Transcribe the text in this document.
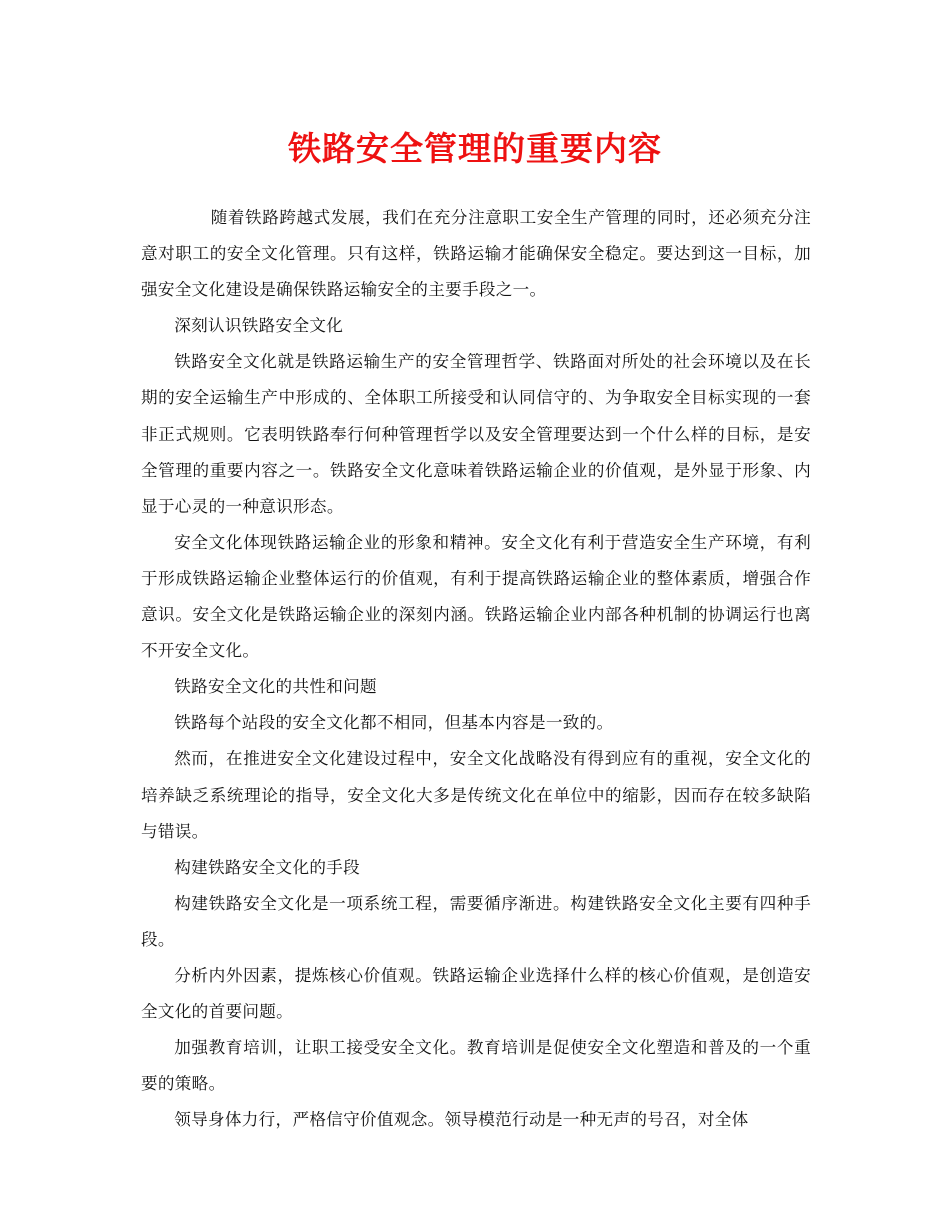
铁路安全管理的重要内容

随着铁路跨越式发展，我们在充分注意职工安全生产管理的同时，还必须充分注意对职工的安全文化管理。只有这样，铁路运输才能确保安全稳定。要达到这一目标，加强安全文化建设是确保铁路运输安全的主要手段之一。

深刻认识铁路安全文化

铁路安全文化就是铁路运输生产的安全管理哲学、铁路面对所处的社会环境以及在长期的安全运输生产中形成的、全体职工所接受和认同信守的、为争取安全目标实现的一套非正式规则。它表明铁路奉行何种管理哲学以及安全管理要达到一个什么样的目标，是安全管理的重要内容之一。铁路安全文化意味着铁路运输企业的价值观，是外显于形象、内显于心灵的一种意识形态。

安全文化体现铁路运输企业的形象和精神。安全文化有利于营造安全生产环境，有利于形成铁路运输企业整体运行的价值观，有利于提高铁路运输企业的整体素质，增强合作意识。安全文化是铁路运输企业的深刻内涵。铁路运输企业内部各种机制的协调运行也离不开安全文化。

铁路安全文化的共性和问题

铁路每个站段的安全文化都不相同，但基本内容是一致的。

然而，在推进安全文化建设过程中，安全文化战略没有得到应有的重视，安全文化的培养缺乏系统理论的指导，安全文化大多是传统文化在单位中的缩影，因而存在较多缺陷与错误。

构建铁路安全文化的手段

构建铁路安全文化是一项系统工程，需要循序渐进。构建铁路安全文化主要有四种手段。

分析内外因素，提炼核心价值观。铁路运输企业选择什么样的核心价值观，是创造安全文化的首要问题。

加强教育培训，让职工接受安全文化。教育培训是促使安全文化塑造和普及的一个重要的策略。

领导身体力行，严格信守价值观念。领导模范行动是一种无声的号召，对全体
